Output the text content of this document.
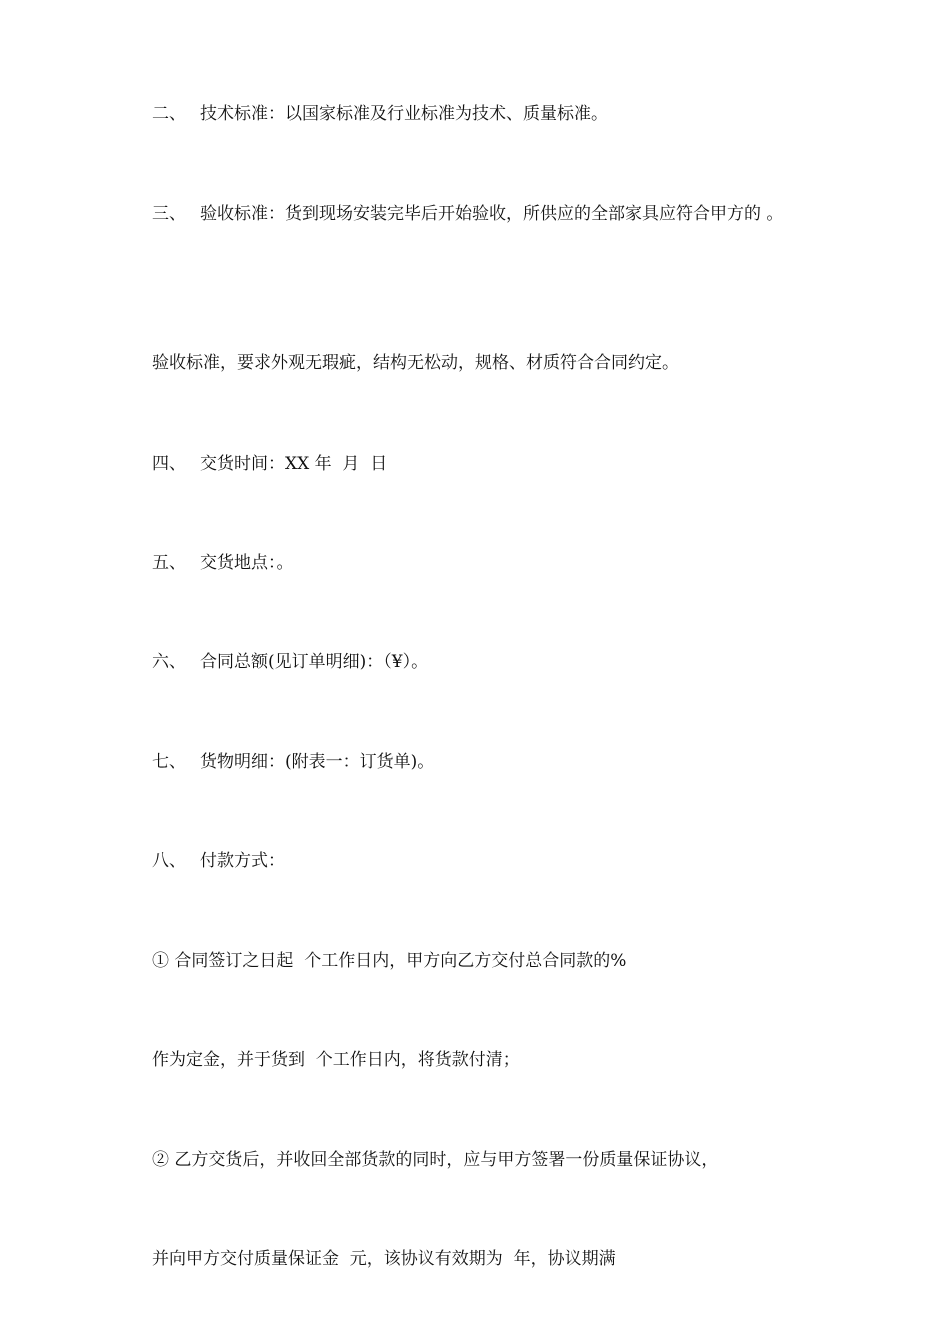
二、 技术标准：以国家标准及行业标准为技术、质量标准。
三、 验收标准：货到现场安装完毕后开始验收，所供应的全部家具应符合甲方的 。
验收标准，要求外观无瑕疵，结构无松动，规格、材质符合合同约定。
四、 交货时间：XX 年  月  日
五、 交货地点：。
六、 合同总额(见订单明细)：（¥）。
七、 货物明细：(附表一：订货单)。
八、 付款方式：
① 合同签订之日起  个工作日内，甲方向乙方交付总合同款的%
作为定金，并于货到  个工作日内，将货款付清；
② 乙方交货后，并收回全部货款的同时，应与甲方签署一份质量保证协议，
并向甲方交付质量保证金  元，该协议有效期为  年，协议期满
